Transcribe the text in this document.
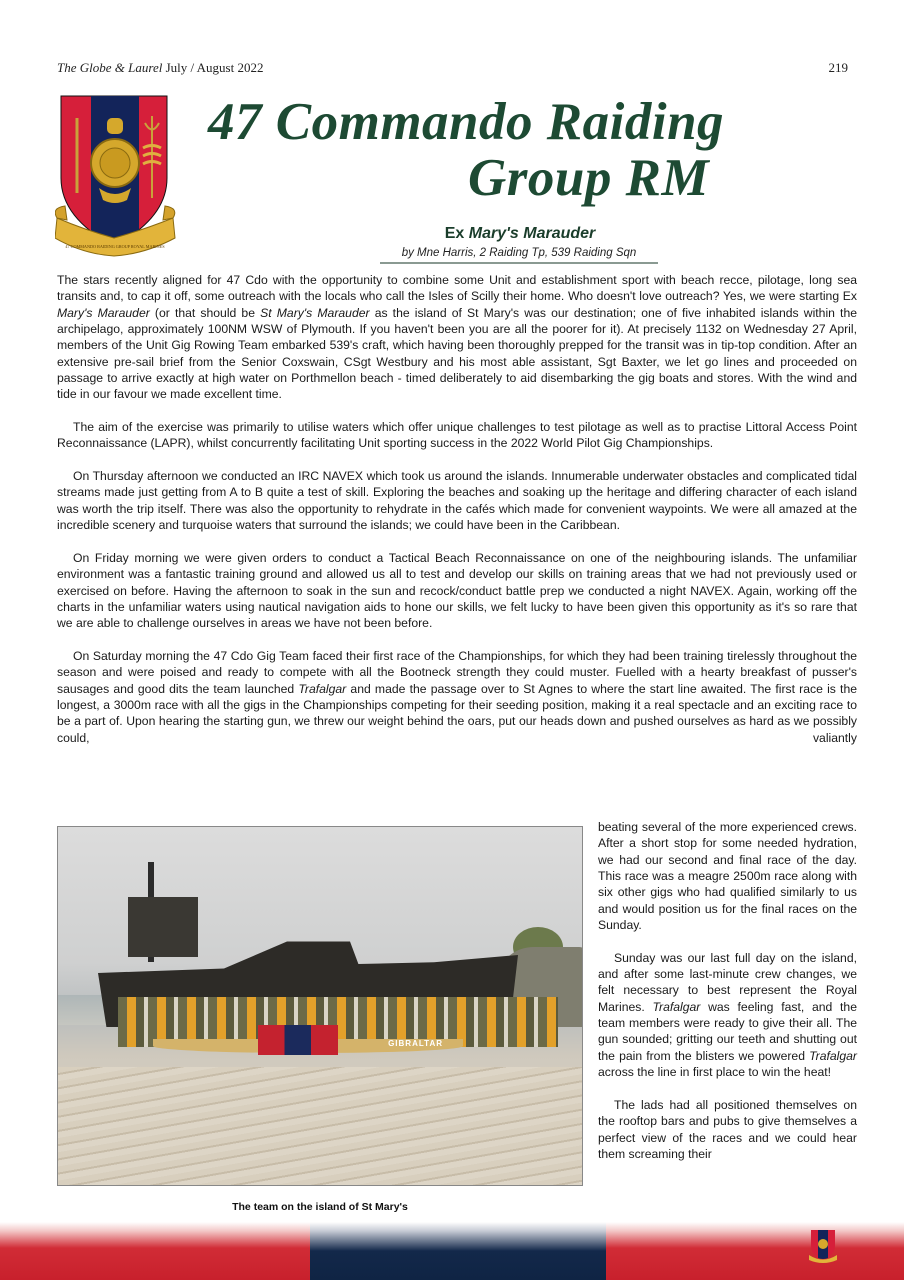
The Globe & Laurel July / August 2022	219
47 COMMANDO RAIDING GROUP ROYAL MARINES
47 Commando Raiding
Group RM
Ex Mary's Marauder
by Mne Harris, 2 Raiding Tp, 539 Raiding Sqn

The stars recently aligned for 47 Cdo with the opportunity to combine some Unit and establishment sport with beach recce, pilotage, long sea transits and, to cap it off, some outreach with the locals who call the Isles of Scilly their home. Who doesn't love outreach? Yes, we were starting Ex Mary's Marauder (or that should be St Mary's Marauder as the island of St Mary's was our destination; one of five inhabited islands within the archipelago, approximately 100NM WSW of Plymouth. If you haven't been you are all the poorer for it). At precisely 1132 on Wednesday 27 April, members of the Unit Gig Rowing Team embarked 539's craft, which having been thoroughly prepped for the transit was in tip-top condition. After an extensive pre-sail brief from the Senior Coxswain, CSgt Westbury and his most able assistant, Sgt Baxter, we let go lines and proceeded on passage to arrive exactly at high water on Porthmellon beach - timed deliberately to aid disembarking the gig boats and stores. With the wind and tide in our favour we made excellent time.

The aim of the exercise was primarily to utilise waters which offer unique challenges to test pilotage as well as to practise Littoral Access Point Reconnaissance (LAPR), whilst concurrently facilitating Unit sporting success in the 2022 World Pilot Gig Championships.

On Thursday afternoon we conducted an IRC NAVEX which took us around the islands. Innumerable underwater obstacles and complicated tidal streams made just getting from A to B quite a test of skill. Exploring the beaches and soaking up the heritage and differing character of each island was worth the trip itself. There was also the opportunity to rehydrate in the cafés which made for convenient waypoints. We were all amazed at the incredible scenery and turquoise waters that surround the islands; we could have been in the Caribbean.

On Friday morning we were given orders to conduct a Tactical Beach Reconnaissance on one of the neighbouring islands. The unfamiliar environment was a fantastic training ground and allowed us all to test and develop our skills on training areas that we had not previously used or exercised on before. Having the afternoon to soak in the sun and recock/conduct battle prep we conducted a night NAVEX. Again, working off the charts in the unfamiliar waters using nautical navigation aids to hone our skills, we felt lucky to have been given this opportunity as it's so rare that we are able to challenge ourselves in areas we have not been before.

On Saturday morning the 47 Cdo Gig Team faced their first race of the Championships, for which they had been training tirelessly throughout the season and were poised and ready to compete with all the Bootneck strength they could muster. Fuelled with a hearty breakfast of pusser's sausages and good dits the team launched Trafalgar and made the passage over to St Agnes to where the start line awaited. The first race is the longest, a 3000m race with all the gigs in the Championships competing for their seeding position, making it a real spectacle and an exciting race to be a part of. Upon hearing the starting gun, we threw our weight behind the oars, put our heads down and pushed ourselves as hard as we possibly could, valiantly

GIBRALTAR
The team on the island of St Mary's

beating several of the more experienced crews. After a short stop for some needed hydration, we had our second and final race of the day. This race was a meagre 2500m race along with six other gigs who had qualified similarly to us and would position us for the final races on the Sunday.

Sunday was our last full day on the island, and after some last-minute crew changes, we felt necessary to best represent the Royal Marines. Trafalgar was feeling fast, and the team members were ready to give their all. The gun sounded; gritting our teeth and shutting out the pain from the blisters we powered Trafalgar across the line in first place to win the heat!

The lads had all positioned themselves on the rooftop bars and pubs to give themselves a perfect view of the races and we could hear them screaming their
